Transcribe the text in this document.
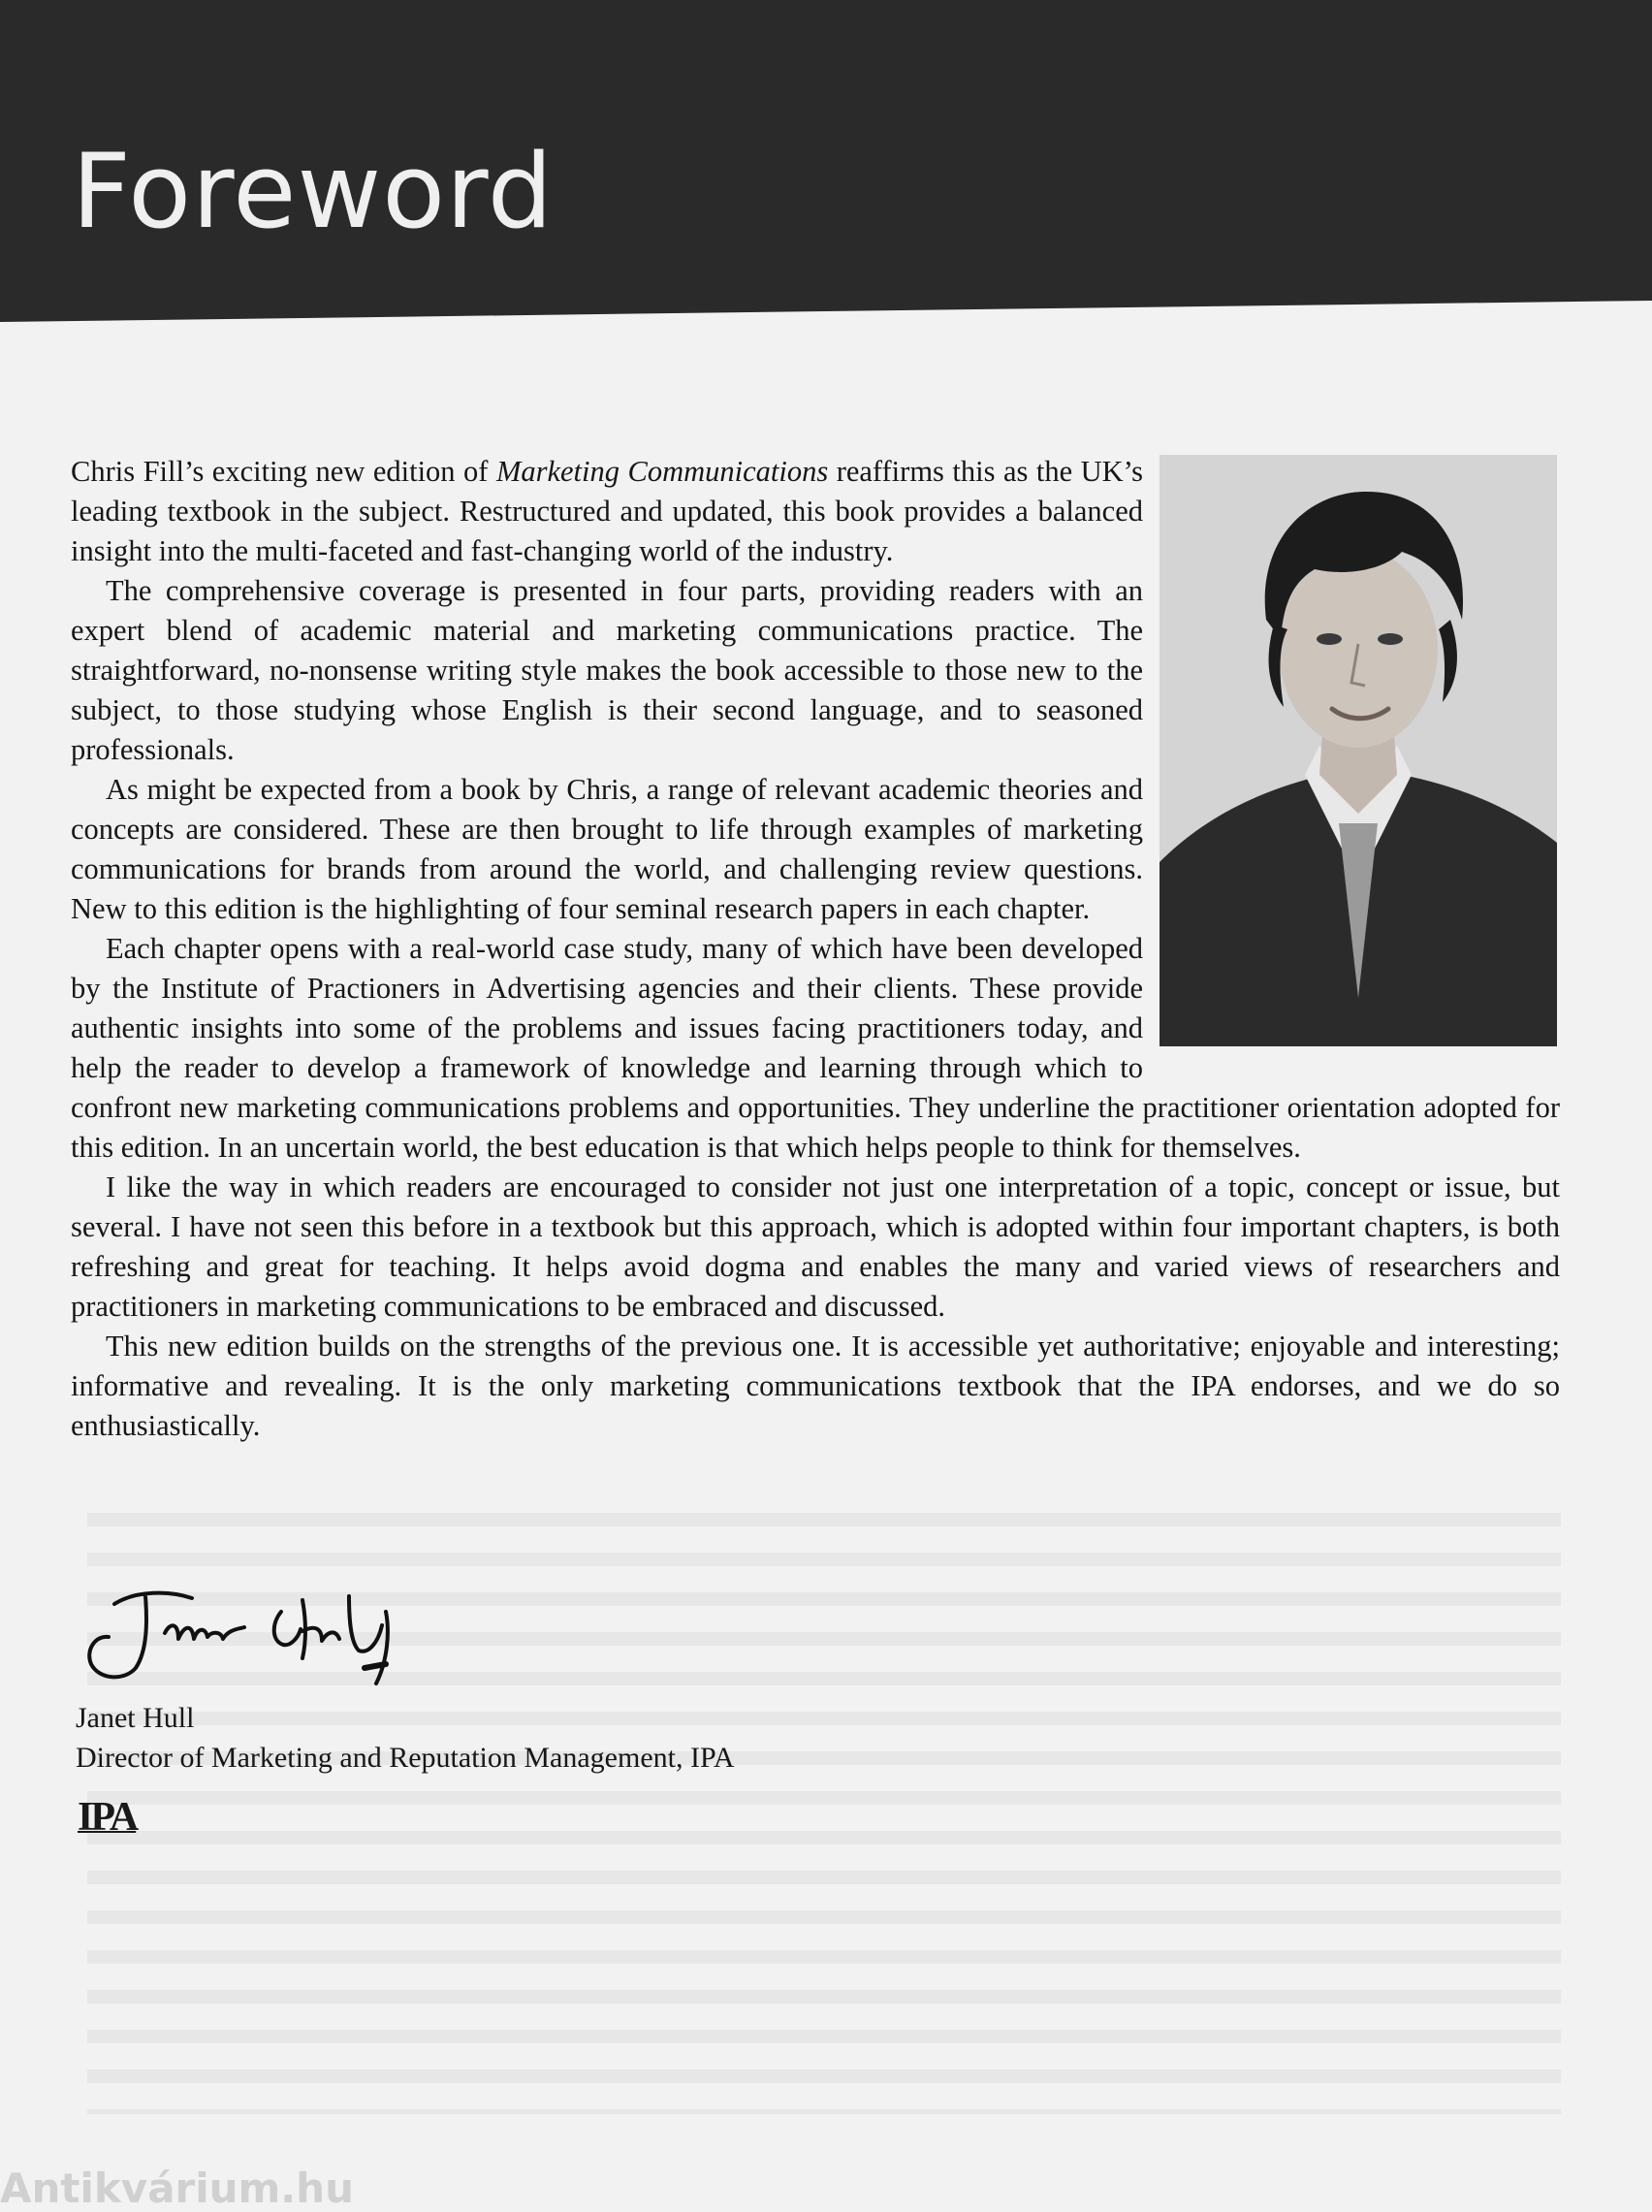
Foreword

Chris Fill’s exciting new edition of Marketing Communications reaffirms this as the UK’s leading textbook in the subject. Restructured and updated, this book provides a balanced insight into the multi-faceted and fast-changing world of the industry.

The comprehensive coverage is presented in four parts, providing readers with an expert blend of academic material and marketing communications practice. The straightforward, no-nonsense writing style makes the book accessible to those new to the subject, to those studying whose English is their second language, and to seasoned professionals.

As might be expected from a book by Chris, a range of relevant academic theories and concepts are considered. These are then brought to life through examples of marketing communications for brands from around the world, and challenging review questions. New to this edition is the highlighting of four seminal research papers in each chapter.

Each chapter opens with a real-world case study, many of which have been developed by the Institute of Practioners in Advertising agencies and their clients. These provide authentic insights into some of the problems and issues facing practitioners today, and help the reader to develop a framework of knowledge and learning through which to confront new marketing communications problems and opportunities. They underline the practitioner orientation adopted for this edition. In an uncertain world, the best education is that which helps people to think for themselves.

I like the way in which readers are encouraged to consider not just one interpretation of a topic, concept or issue, but several. I have not seen this before in a textbook but this approach, which is adopted within four important chapters, is both refreshing and great for teaching. It helps avoid dogma and enables the many and varied views of researchers and practitioners in marketing communications to be embraced and discussed.

This new edition builds on the strengths of the previous one. It is accessible yet authoritative; enjoyable and interesting; informative and revealing. It is the only marketing communications textbook that the IPA endorses, and we do so enthusiastically.

Janet Hull

Director of Marketing and Reputation Management, IPA

IPA
Antikvárium.hu
